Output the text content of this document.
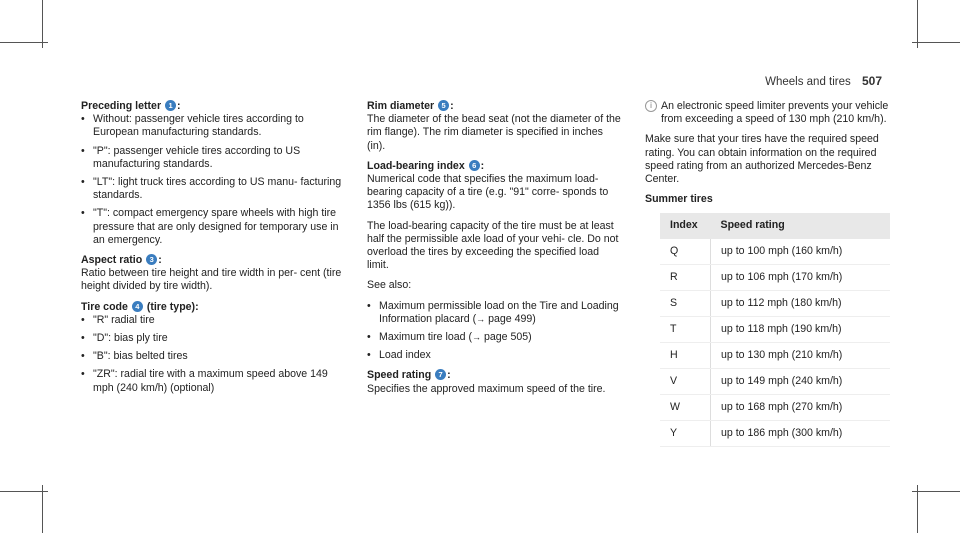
Wheels and tires 507

Preceding letter 1 :

• Without: passenger vehicle tires according to European manufacturing standards.
• "P": passenger vehicle tires according to US manufacturing standards.
• "LT": light truck tires according to US manu- facturing standards.
• "T": compact emergency spare wheels with high tire pressure that are only designed for temporary use in an emergency.

Aspect ratio 3 :

Ratio between tire height and tire width in per- cent (tire height divided by tire width).

Tire code 4 (tire type):

• "R" radial tire
• "D": bias ply tire
• "B": bias belted tires
• "ZR": radial tire with a maximum speed above 149 mph (240 km/h) (optional)

Rim diameter 5 :

The diameter of the bead seat (not the diameter of the rim flange). The rim diameter is specified in inches (in).

Load-bearing index 6 :

Numerical code that specifies the maximum load-bearing capacity of a tire (e.g. "91" corre- sponds to 1356 lbs (615 kg)).

The load-bearing capacity of the tire must be at least half the permissible axle load of your vehi- cle. Do not overload the tires by exceeding the specified load limit.

See also:

• Maximum permissible load on the Tire and Loading Information placard (→ page 499)
• Maximum tire load (→ page 505)
• Load index

Speed rating 7 :

Specifies the approved maximum speed of the tire.

i An electronic speed limiter prevents your vehicle from exceeding a speed of 130 mph (210 km/h).

Make sure that your tires have the required speed rating. You can obtain information on the required speed rating from an authorized Mercedes-Benz Center.

Summer tires

Index	Speed rating
Q	up to 100 mph (160 km/h)
R	up to 106 mph (170 km/h)
S	up to 112 mph (180 km/h)
T	up to 118 mph (190 km/h)
H	up to 130 mph (210 km/h)
V	up to 149 mph (240 km/h)
W	up to 168 mph (270 km/h)
Y	up to 186 mph (300 km/h)
